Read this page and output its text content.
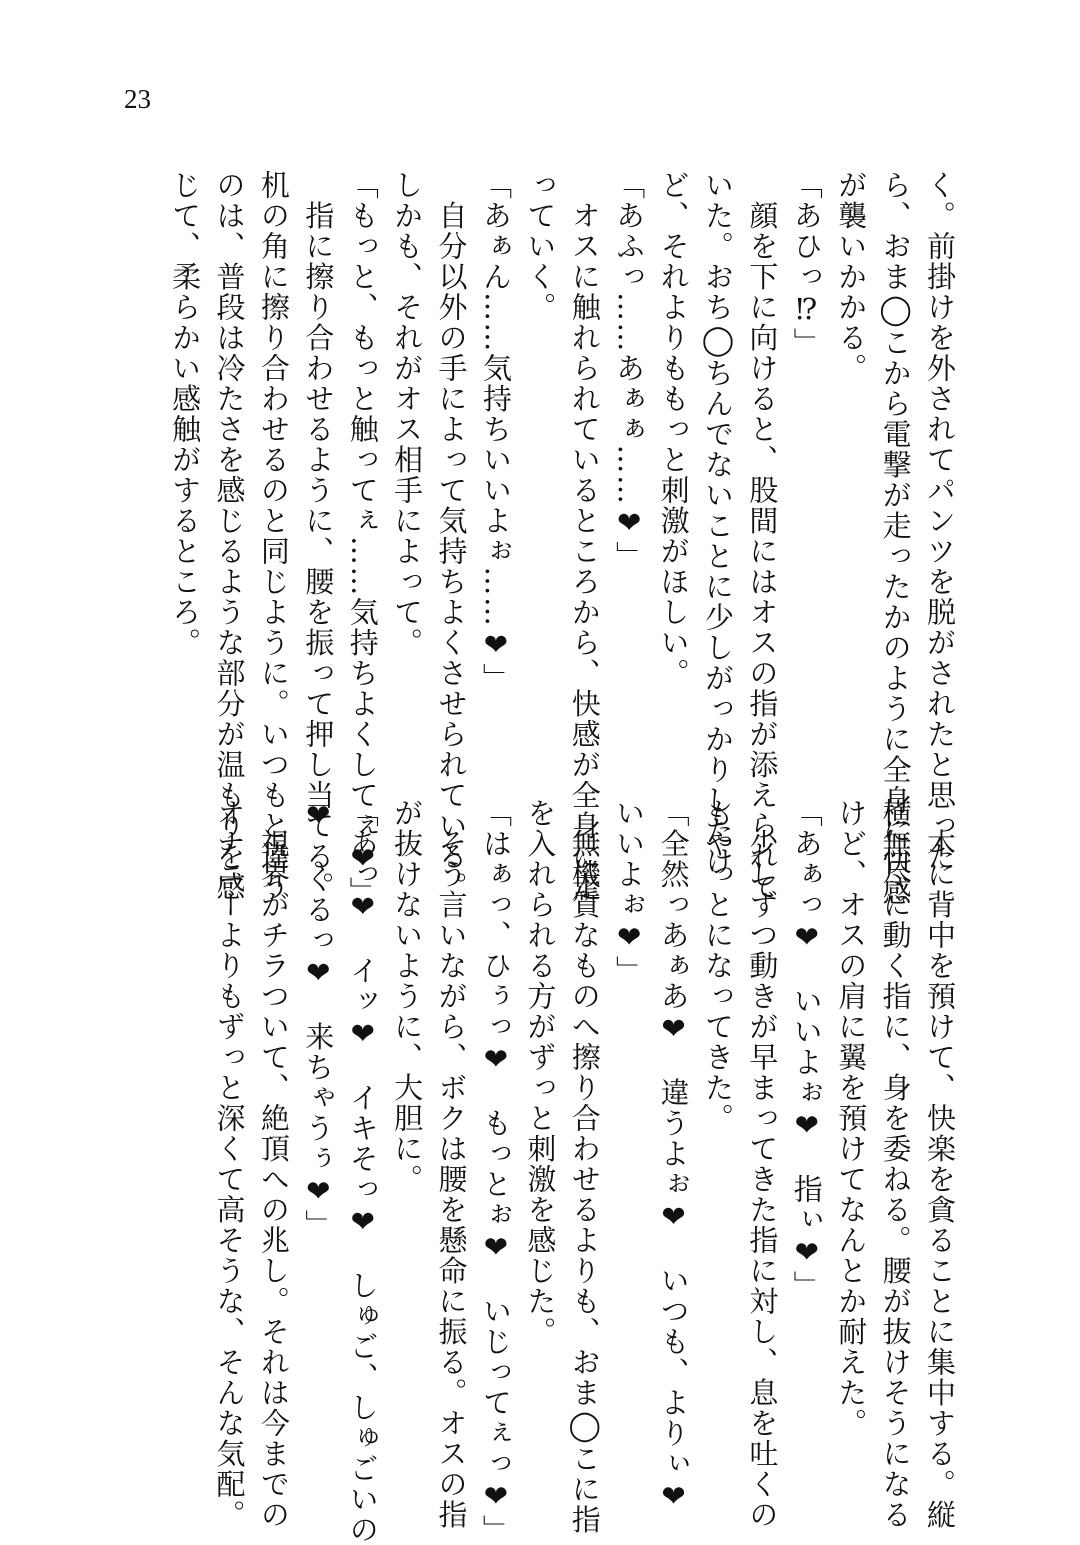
23
く。前掛けを外されてパンツを脱がされたと思った
ら、おま◯こから電撃が走ったかのように全身に快感
が襲いかかる。
「あひっ⁉」
　顔を下に向けると、股間にはオスの指が添えられて
いた。おち◯ちんでないことに少しがっかりしたけ
ど、それよりももっと刺激がほしい。
「あふっ……あぁぁ……❤」
　オスに触れられているところから、快感が全身に走
っていく。
「あぁん……気持ちいいよぉ……❤」
　自分以外の手によって気持ちよくさせられている。
しかも、それがオス相手によって。
「もっと、もっと触ってぇ……気持ちよくしてぇ❤」
　指に擦り合わせるように、腰を振って押し当てる。
机の角に擦り合わせるのと同じように。いつもと違う
のは、普段は冷たさを感じるような部分が温もりを感
じて、柔らかい感触がするところ。
　木に背中を預けて、快楽を貪ることに集中する。縦
横無尽に動く指に、身を委ねる。腰が抜けそうになる
けど、オスの肩に翼を預けてなんとか耐えた。
「あぁっ❤　いいよぉ❤　指ぃ❤」
　少しずつ動きが早まってきた指に対し、息を吐くの
もやっとになってきた。
「全然っあぁあ❤　違うよぉ❤　いつも、よりぃ❤
いいよぉ❤」
　無機質なものへ擦り合わせるよりも、おま◯こに指
を入れられる方がずっと刺激を感じた。
「はぁっ、ひぅっ❤　もっとぉ❤　いじってぇっ❤」
　そう言いながら、ボクは腰を懸命に振る。オスの指
が抜けないように、大胆に。
「あっ❤　イッ❤　イキそっ❤　しゅご、しゅごいの
❤　くるっ❤　来ちゃうぅ❤」
　視界がチラついて、絶頂への兆し。それは今までの
オナニーよりもずっと深くて高そうな、そんな気配。
